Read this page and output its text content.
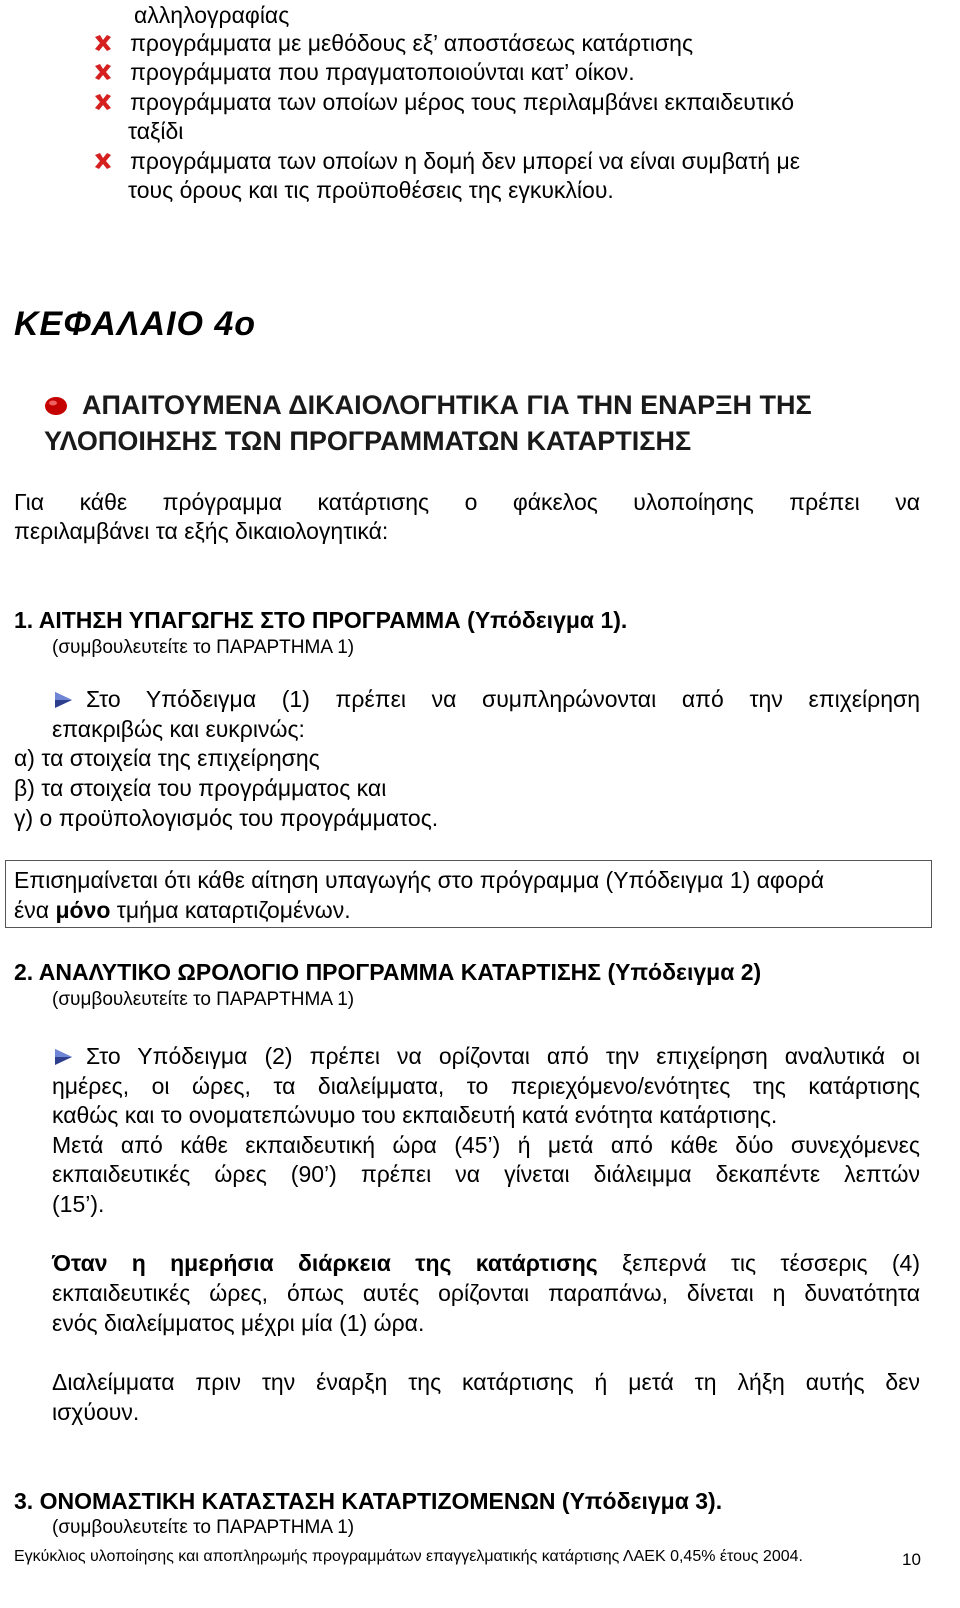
αλληλογραφίας
προγράμματα με μεθόδους εξ’ αποστάσεως κατάρτισης
προγράμματα που πραγματοποιούνται κατ’ οίκον.
προγράμματα των οποίων μέρος τους περιλαμβάνει εκπαιδευτικό
ταξίδι
προγράμματα των οποίων η δομή δεν μπορεί να είναι συμβατή με
τους όρους και τις προϋποθέσεις της εγκυκλίου.
ΚΕΦΑΛΑΙΟ 4ο
ΑΠΑΙΤΟΥΜΕΝΑ ΔΙΚΑΙΟΛΟΓΗΤΙΚΑ ΓΙΑ ΤΗΝ ΕΝΑΡΞΗ ΤΗΣ
ΥΛΟΠΟΙΗΣΗΣ ΤΩΝ ΠΡΟΓΡΑΜΜΑΤΩΝ ΚΑΤΑΡΤΙΣΗΣ
Για κάθε πρόγραμμα κατάρτισης ο φάκελος υλοποίησης πρέπει να
περιλαμβάνει τα εξής δικαιολογητικά:
1. ΑΙΤΗΣΗ ΥΠΑΓΩΓΗΣ ΣΤΟ ΠΡΟΓΡΑΜΜΑ (Υπόδειγμα 1).
(συμβουλευτείτε το ΠΑΡΑΡΤΗΜΑ 1)
Στο Υπόδειγμα (1) πρέπει να συμπληρώνονται από την επιχείρηση
επακριβώς και ευκρινώς:
α) τα στοιχεία της επιχείρησης
β) τα στοιχεία του προγράμματος και
γ) ο προϋπολογισμός του προγράμματος.
Επισημαίνεται ότι κάθε αίτηση υπαγωγής στο πρόγραμμα (Υπόδειγμα 1) αφορά
ένα μόνο τμήμα καταρτιζομένων.
2. ΑΝΑΛΥΤΙΚΟ ΩΡΟΛΟΓΙΟ ΠΡΟΓΡΑΜΜΑ ΚΑΤΑΡΤΙΣΗΣ (Υπόδειγμα 2)
(συμβουλευτείτε το ΠΑΡΑΡΤΗΜΑ 1)
Στο Υπόδειγμα (2) πρέπει να ορίζονται από την επιχείρηση αναλυτικά οι
ημέρες, οι ώρες, τα διαλείμματα, το περιεχόμενο/ενότητες της κατάρτισης
καθώς και το ονοματεπώνυμο του εκπαιδευτή κατά ενότητα κατάρτισης.
Μετά από κάθε εκπαιδευτική ώρα (45’) ή μετά από κάθε δύο συνεχόμενες
εκπαιδευτικές ώρες (90’) πρέπει να γίνεται διάλειμμα δεκαπέντε λεπτών
(15’).
Όταν η ημερήσια διάρκεια της κατάρτισης ξεπερνά τις τέσσερις (4)
εκπαιδευτικές ώρες, όπως αυτές ορίζονται παραπάνω, δίνεται η δυνατότητα
ενός διαλείμματος μέχρι μία (1) ώρα.
Διαλείμματα πριν την έναρξη της κατάρτισης ή μετά τη λήξη αυτής δεν
ισχύουν.
3. ΟΝΟΜΑΣΤΙΚΗ ΚΑΤΑΣΤΑΣΗ ΚΑΤΑΡΤΙΖΟΜΕΝΩΝ (Υπόδειγμα 3).
(συμβουλευτείτε το ΠΑΡΑΡΤΗΜΑ 1)
Εγκύκλιος υλοποίησης και αποπληρωμής προγραμμάτων επαγγελματικής κατάρτισης ΛΑΕΚ 0,45% έτους 2004.	10
